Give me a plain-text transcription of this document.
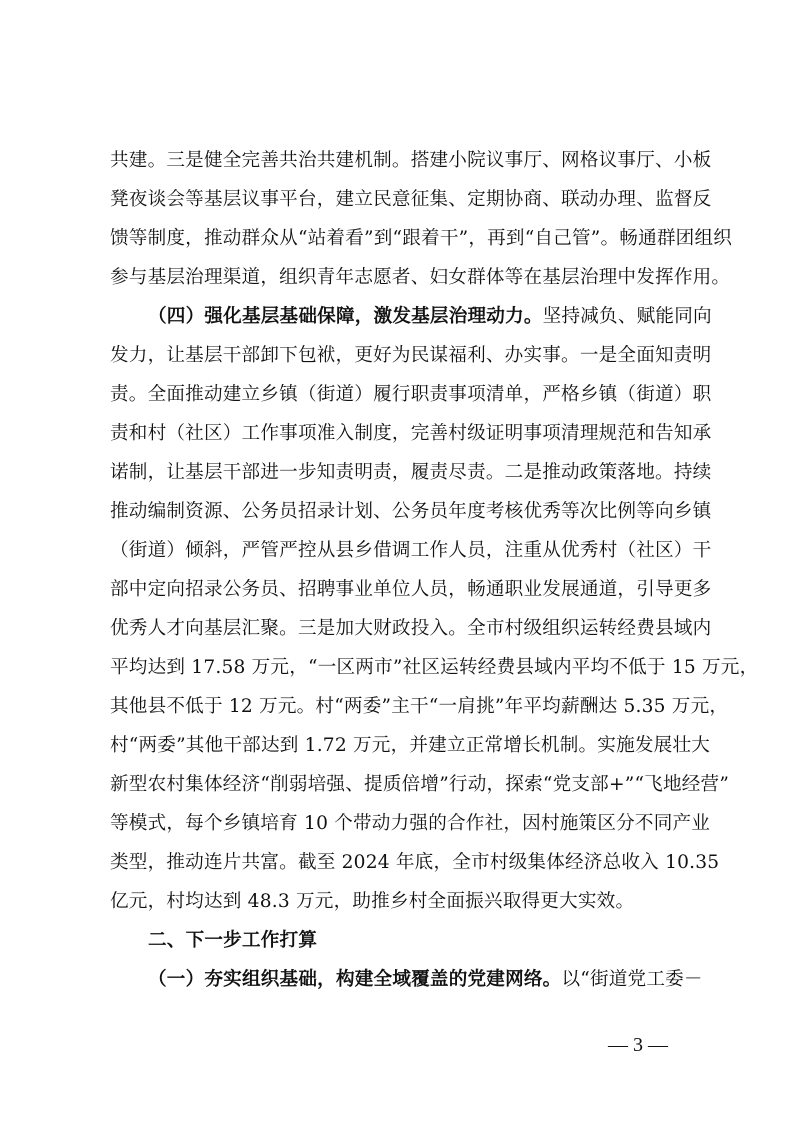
共建。三是健全完善共治共建机制。搭建小院议事厅、网格议事厅、小板
凳夜谈会等基层议事平台，建立民意征集、定期协商、联动办理、监督反
馈等制度，推动群众从“站着看”到“跟着干”，再到“自己管”。畅通群团组织
参与基层治理渠道，组织青年志愿者、妇女群体等在基层治理中发挥作用。
（四）强化基层基础保障，激发基层治理动力。坚持减负、赋能同向
发力，让基层干部卸下包袱，更好为民谋福利、办实事。一是全面知责明
责。全面推动建立乡镇（街道）履行职责事项清单，严格乡镇（街道）职
责和村（社区）工作事项准入制度，完善村级证明事项清理规范和告知承
诺制，让基层干部进一步知责明责，履责尽责。二是推动政策落地。持续
推动编制资源、公务员招录计划、公务员年度考核优秀等次比例等向乡镇
（街道）倾斜，严管严控从县乡借调工作人员，注重从优秀村（社区）干
部中定向招录公务员、招聘事业单位人员，畅通职业发展通道，引导更多
优秀人才向基层汇聚。三是加大财政投入。全市村级组织运转经费县域内
平均达到 17.58 万元，“一区两市”社区运转经费县域内平均不低于 15 万元，
其他县不低于 12 万元。村“两委”主干“一肩挑”年平均薪酬达 5.35 万元，
村“两委”其他干部达到 1.72 万元，并建立正常增长机制。实施发展壮大
新型农村集体经济“削弱培强、提质倍增”行动，探索“党支部+”“飞地经营”
等模式，每个乡镇培育 10 个带动力强的合作社，因村施策区分不同产业
类型，推动连片共富。截至 2024 年底，全市村级集体经济总收入 10.35
亿元，村均达到 48.3 万元，助推乡村全面振兴取得更大实效。
二、下一步工作打算
（一）夯实组织基础，构建全域覆盖的党建网络。以“街道党工委－
— 3 —
